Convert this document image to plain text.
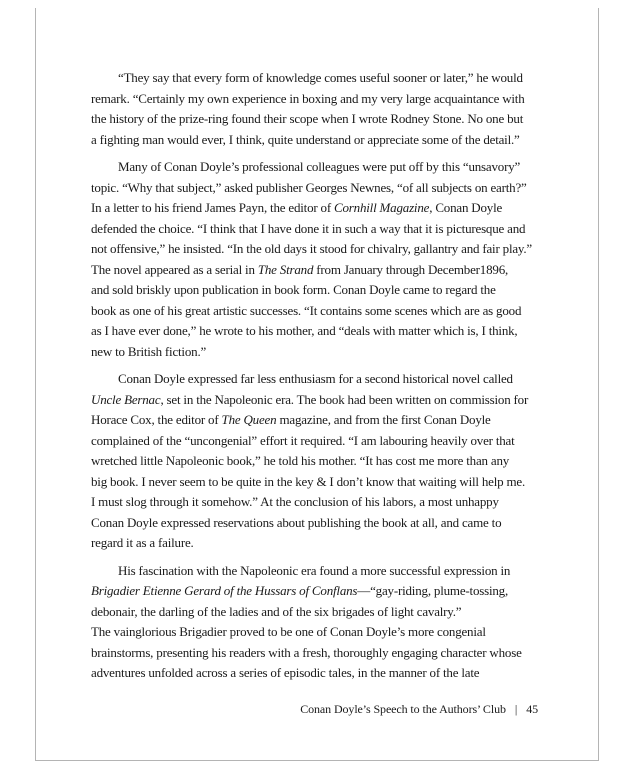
“They say that every form of knowledge comes useful sooner or later,” he would
remark. “Certainly my own experience in boxing and my very large acquaintance with
the history of the prize-ring found their scope when I wrote Rodney Stone. No one but
a fighting man would ever, I think, quite understand or appreciate some of the detail.”
Many of Conan Doyle’s professional colleagues were put off by this “unsavory”
topic. “Why that subject,” asked publisher Georges Newnes, “of all subjects on earth?”
In a letter to his friend James Payn, the editor of Cornhill Magazine, Conan Doyle
defended the choice. “I think that I have done it in such a way that it is picturesque and
not offensive,” he insisted. “In the old days it stood for chivalry, gallantry and fair play.”
The novel appeared as a serial in The Strand from January through December1896,
and sold briskly upon publication in book form. Conan Doyle came to regard the
book as one of his great artistic successes. “It contains some scenes which are as good
as I have ever done,” he wrote to his mother, and “deals with matter which is, I think,
new to British fiction.”
Conan Doyle expressed far less enthusiasm for a second historical novel called
Uncle Bernac, set in the Napoleonic era. The book had been written on commission for
Horace Cox, the editor of The Queen magazine, and from the first Conan Doyle
complained of the “uncongenial” effort it required. “I am labouring heavily over that
wretched little Napoleonic book,” he told his mother. “It has cost me more than any
big book. I never seem to be quite in the key & I don’t know that waiting will help me.
I must slog through it somehow.” At the conclusion of his labors, a most unhappy
Conan Doyle expressed reservations about publishing the book at all, and came to
regard it as a failure.
His fascination with the Napoleonic era found a more successful expression in
Brigadier Etienne Gerard of the Hussars of Conflans—“gay-riding, plume-tossing,
debonair, the darling of the ladies and of the six brigades of light cavalry.”
The vainglorious Brigadier proved to be one of Conan Doyle’s more congenial
brainstorms, presenting his readers with a fresh, thoroughly engaging character whose
adventures unfolded across a series of episodic tales, in the manner of the late
Conan Doyle’s Speech to the Authors’ Club | 45
